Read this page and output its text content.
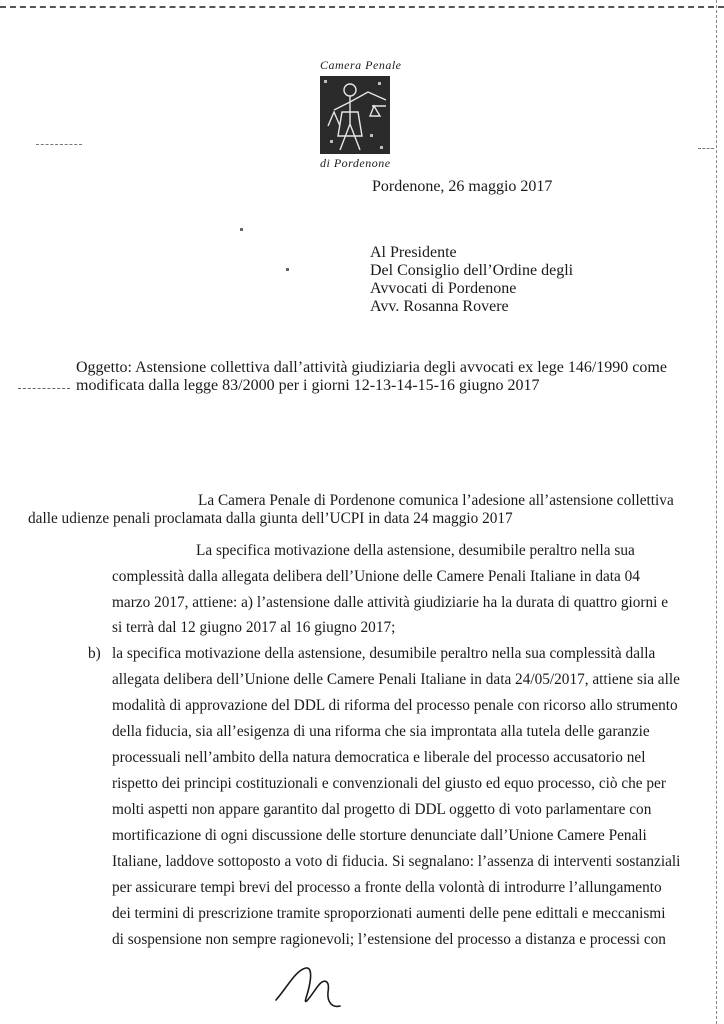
Camera Penale
di Pordenone
Pordenone, 26 maggio 2017
Al Presidente
Del Consiglio dell’Ordine degli
Avvocati di Pordenone
Avv. Rosanna Rovere
Oggetto: Astensione collettiva dall’attività giudiziaria degli avvocati ex lege 146/1990 come
modificata dalla legge 83/2000 per i giorni 12-13-14-15-16 giugno 2017
La Camera Penale di Pordenone comunica l’adesione all’astensione collettiva
dalle udienze penali proclamata dalla giunta dell’UCPI in data 24 maggio 2017
La specifica motivazione della astensione, desumibile peraltro nella sua
complessità dalla allegata delibera dell’Unione delle Camere Penali Italiane in data 04
marzo 2017, attiene: a) l’astensione dalle attività giudiziarie ha la durata di quattro giorni e
si terrà dal 12 giugno 2017 al 16 giugno 2017;
b) la specifica motivazione della astensione, desumibile peraltro nella sua complessità dalla
allegata delibera dell’Unione delle Camere Penali Italiane in data 24/05/2017, attiene sia alle
modalità di approvazione del DDL di riforma del processo penale con ricorso allo strumento
della fiducia, sia all’esigenza di una riforma che sia improntata alla tutela delle garanzie
processuali nell’ambito della natura democratica e liberale del processo accusatorio nel
rispetto dei principi costituzionali e convenzionali del giusto ed equo processo, ciò che per
molti aspetti non appare garantito dal progetto di DDL oggetto di voto parlamentare con
mortificazione di ogni discussione delle storture denunciate dall’Unione Camere Penali
Italiane, laddove sottoposto a voto di fiducia. Si segnalano: l’assenza di interventi sostanziali
per assicurare tempi brevi del processo a fronte della volontà di introdurre l’allungamento
dei termini di prescrizione tramite sproporzionati aumenti delle pene edittali e meccanismi
di sospensione non sempre ragionevoli; l’estensione del processo a distanza e processi con
